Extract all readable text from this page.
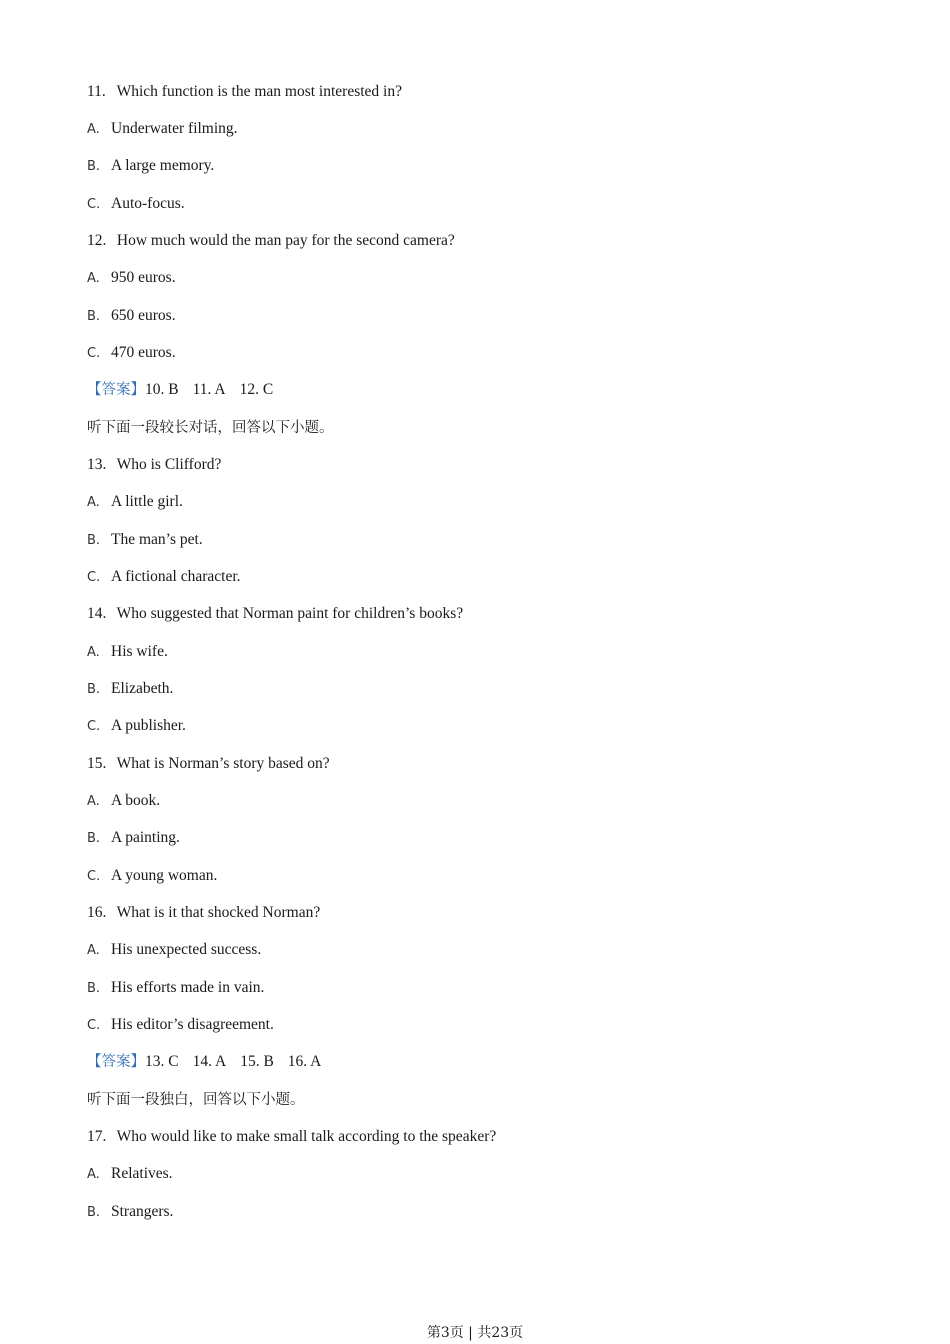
11. Which function is the man most interested in?
A. Underwater filming.
B. A large memory.
C. Auto-focus.
12. How much would the man pay for the second camera?
A. 950 euros.
B. 650 euros.
C. 470 euros.
【答案】10. B 11. A 12. C
听下面一段较长对话，回答以下小题。
13. Who is Clifford?
A. A little girl.
B. The man’s pet.
C. A fictional character.
14. Who suggested that Norman paint for children’s books?
A. His wife.
B. Elizabeth.
C. A publisher.
15. What is Norman’s story based on?
A. A book.
B. A painting.
C. A young woman.
16. What is it that shocked Norman?
A. His unexpected success.
B. His efforts made in vain.
C. His editor’s disagreement.
【答案】13. C 14. A 15. B 16. A
听下面一段独白，回答以下小题。
17. Who would like to make small talk according to the speaker?
A. Relatives.
B. Strangers.
第3页 | 共23页
